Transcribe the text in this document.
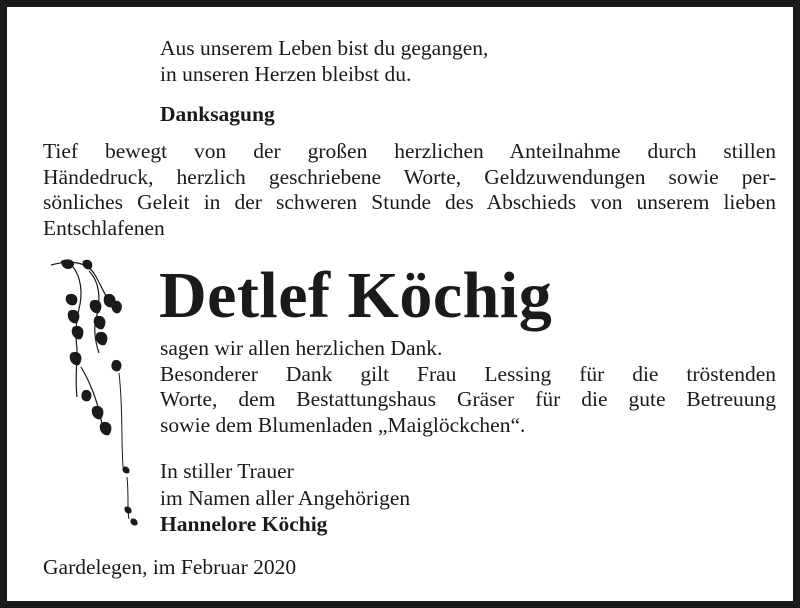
Aus unserem Leben bist du gegangen,
in unseren Herzen bleibst du.
Danksagung
Tief bewegt von der großen herzlichen Anteilnahme durch stillen
Händedruck, herzlich geschriebene Worte, Geldzuwendungen sowie per-
sönliches Geleit in der schweren Stunde des Abschieds von unserem lieben
Entschlafenen
Detlef Köchig
sagen wir allen herzlichen Dank.
Besonderer Dank gilt Frau Lessing für die tröstenden
Worte, dem Bestattungshaus Gräser für die gute Betreuung
sowie dem Blumenladen „Maiglöckchen“.
In stiller Trauer
im Namen aller Angehörigen
Hannelore Köchig
Gardelegen, im Februar 2020
